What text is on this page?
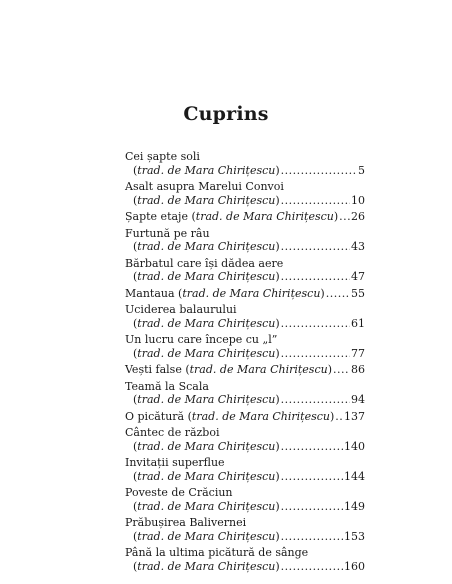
Cuprins
Cei șapte soli
(trad. de Mara Chirițescu) .....	5
Asalt asupra Marelui Convoi
(trad. de Mara Chirițescu) .....	10
Șapte etaje
(trad. de Mara Chirițescu) ..... 26
Furtună pe râu
(trad. de Mara Chirițescu) .....	43
Bărbatul care își dădea aere
(trad. de Mara Chirițescu) .....	47
Mantaua
(trad. de Mara Chirițescu) ..... 55
Uciderea balaurului
(trad. de Mara Chirițescu) .....	61
Un lucru care începe cu „l”
(trad. de Mara Chirițescu) .....	77
Vești false
(trad. de Mara Chirițescu) ..... 86
Teamă la Scala
(trad. de Mara Chirițescu) .....	94
O picătură
(trad. de Mara Chirițescu) ..... 137
Cântec de război
(trad. de Mara Chirițescu) .....	140
Invitații superflue
(trad. de Mara Chirițescu) .....	144
Poveste de Crăciun
(trad. de Mara Chirițescu) .....	149
Prăbușirea Balivernei
(trad. de Mara Chirițescu) .....	153
Până la ultima picătură de sânge
(trad. de Mara Chirițescu) .....	160
